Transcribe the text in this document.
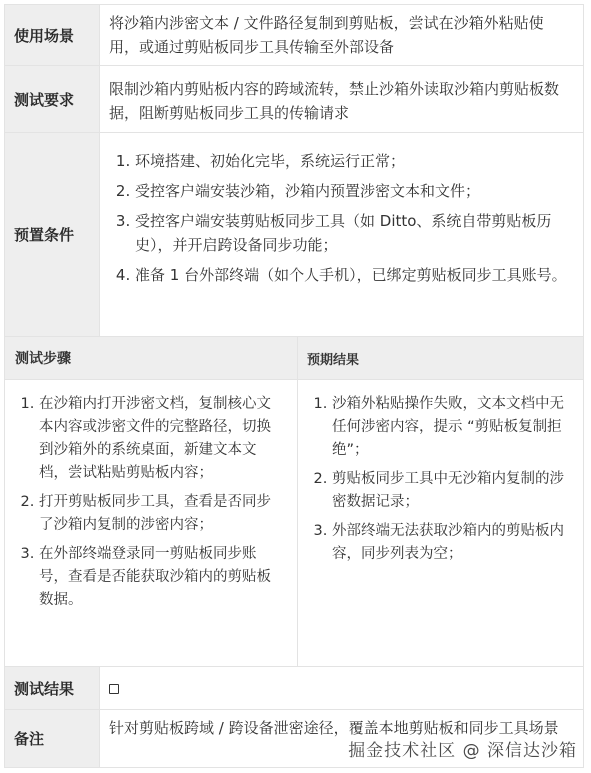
使用场景
将沙箱内涉密文本 / 文件路径复制到剪贴板，尝试在沙箱外粘贴使用，或通过剪贴板同步工具传输至外部设备
测试要求
限制沙箱内剪贴板内容的跨域流转，禁止沙箱外读取沙箱内剪贴板数据，阻断剪贴板同步工具的传输请求
预置条件
1. 环境搭建、初始化完毕，系统运行正常；
2. 受控客户端安装沙箱，沙箱内预置涉密文本和文件；
3. 受控客户端安装剪贴板同步工具（如 Ditto、系统自带剪贴板历史），并开启跨设备同步功能；
4. 准备 1 台外部终端（如个人手机），已绑定剪贴板同步工具账号。
测试步骤	预期结果
1. 在沙箱内打开涉密文档，复制核心文本内容或涉密文件的完整路径，切换到沙箱外的系统桌面，新建文本文档，尝试粘贴剪贴板内容；
2. 打开剪贴板同步工具，查看是否同步了沙箱内复制的涉密内容；
3. 在外部终端登录同一剪贴板同步账号，查看是否能获取沙箱内的剪贴板数据。
1. 沙箱外粘贴操作失败，文本文档中无任何涉密内容，提示 “剪贴板复制拒绝”；
2. 剪贴板同步工具中无沙箱内复制的涉密数据记录；
3. 外部终端无法获取沙箱内的剪贴板内容，同步列表为空；
测试结果
备注
针对剪贴板跨域 / 跨设备泄密途径，覆盖本地剪贴板和同步工具场景
掘金技术社区 @ 深信达沙箱
